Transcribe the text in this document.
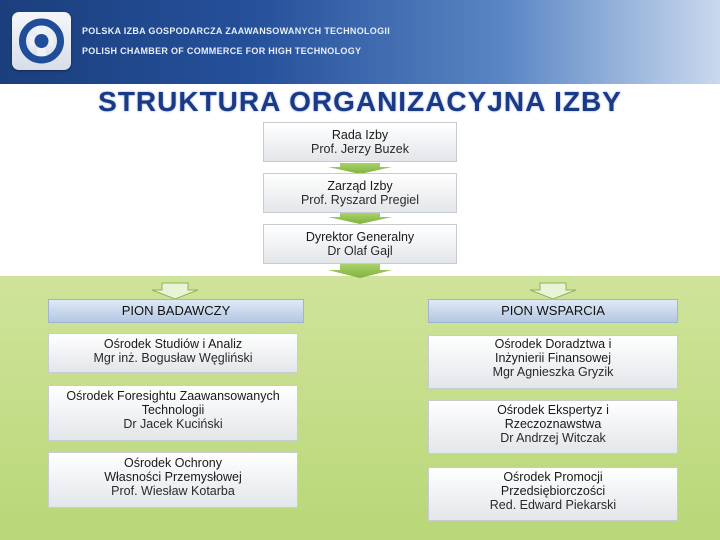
POLSKA IZBA GOSPODARCZA ZAAWANSOWANYCH TECHNOLOGII
POLISH CHAMBER OF COMMERCE FOR HIGH TECHNOLOGY
STRUKTURA ORGANIZACYJNA IZBY
Rada Izby
Prof. Jerzy Buzek
Zarząd Izby
Prof. Ryszard Pregiel
Dyrektor Generalny
Dr Olaf Gajl
PION BADAWCZY	PION WSPARCIA
Ośrodek Studiów i Analiz
Mgr inż. Bogusław Węgliński
Ośrodek Foresightu Zaawansowanych Technologii
Dr Jacek Kuciński
Ośrodek Ochrony Własności Przemysłowej
Prof. Wiesław Kotarba
Ośrodek Doradztwa i Inżynierii Finansowej
Mgr Agnieszka Gryzik
Ośrodek Ekspertyz i Rzeczoznawstwa
Dr Andrzej Witczak
Ośrodek Promocji Przedsiębiorczości
Red. Edward Piekarski
